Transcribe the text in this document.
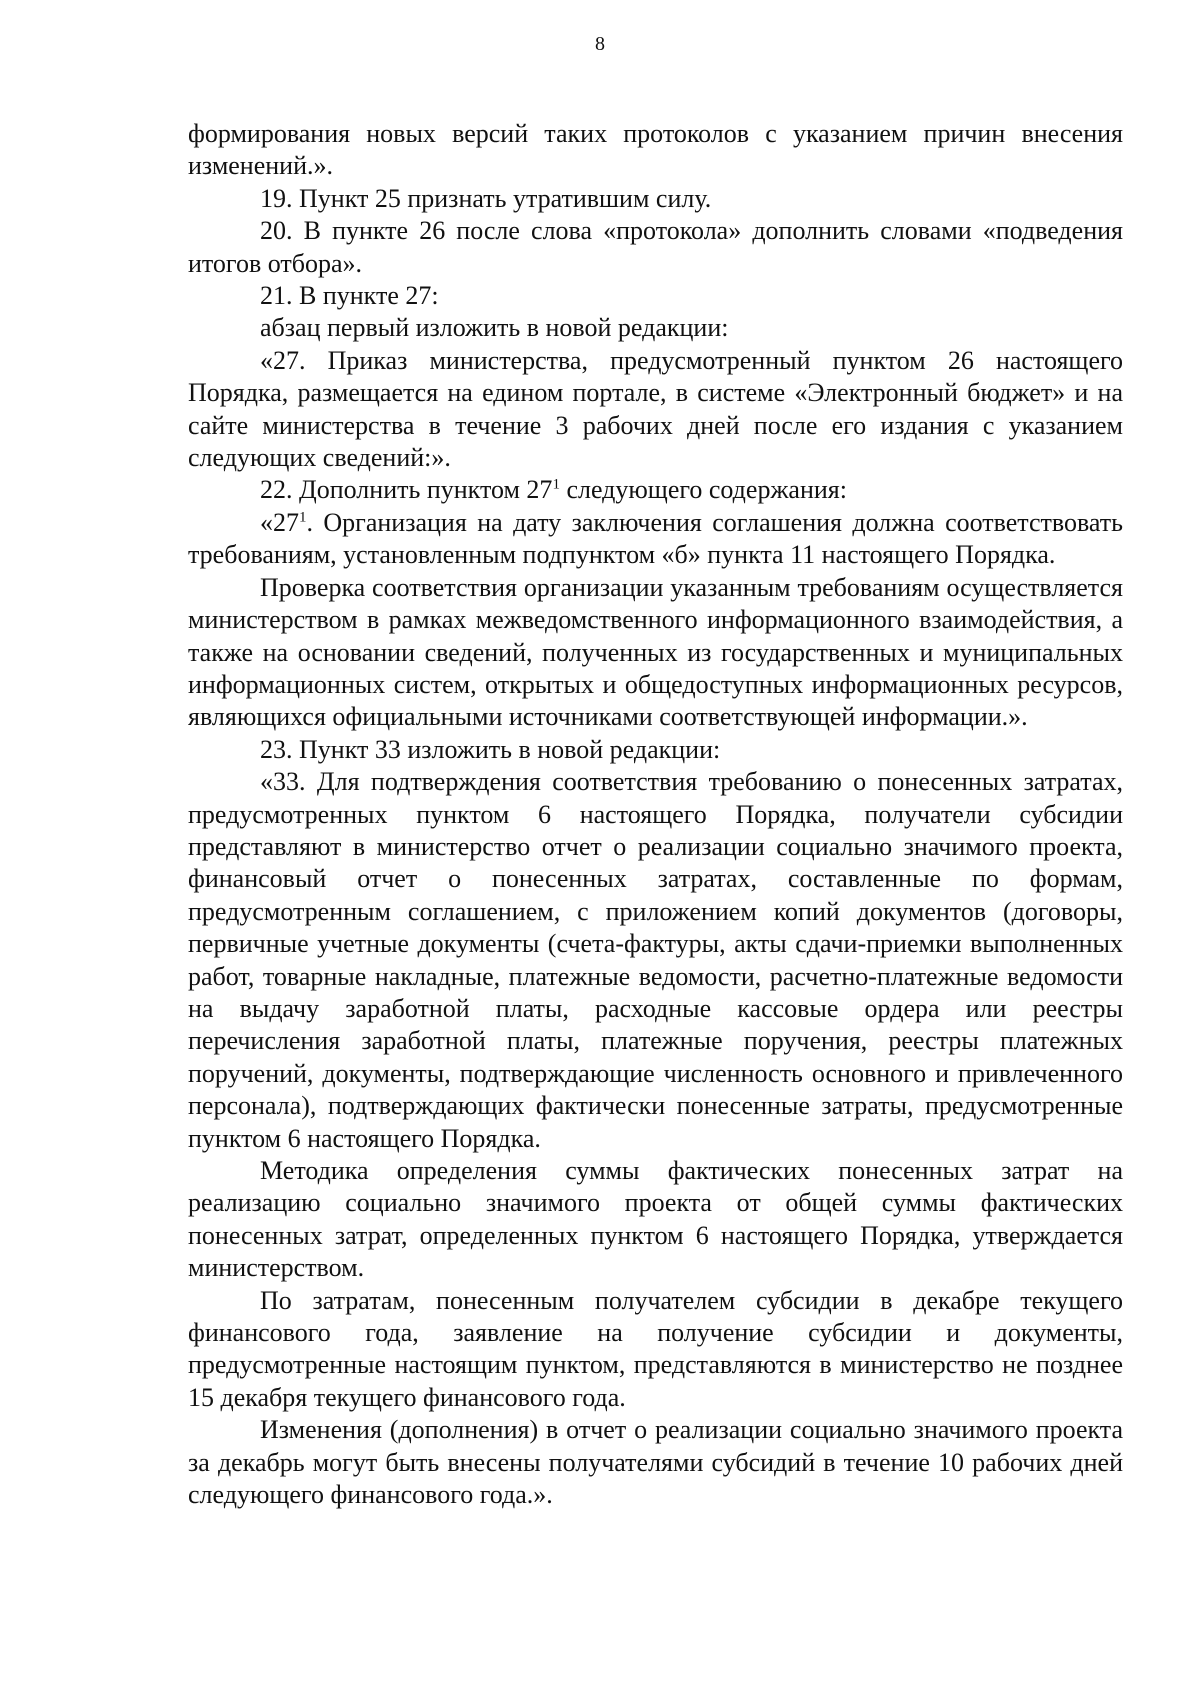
8

формирования новых версий таких протоколов с указанием причин внесения изменений.».

19. Пункт 25 признать утратившим силу.

20. В пункте 26 после слова «протокола» дополнить словами «подведения итогов отбора».

21. В пункте 27:

абзац первый изложить в новой редакции:

«27. Приказ министерства, предусмотренный пунктом 26 настоящего Порядка, размещается на едином портале, в системе «Электронный бюджет» и на сайте министерства в течение 3 рабочих дней после его издания с указанием следующих сведений:».

22. Дополнить пунктом $27^1$ следующего содержания:

«$27^1$. Организация на дату заключения соглашения должна соответствовать требованиям, установленным подпунктом «б» пункта 11 настоящего Порядка.

Проверка соответствия организации указанным требованиям осуществляется министерством в рамках межведомственного информационного взаимодействия, а также на основании сведений, полученных из государственных и муниципальных информационных систем, открытых и общедоступных информационных ресурсов, являющихся официальными источниками соответствующей информации.».

23. Пункт 33 изложить в новой редакции:

«33. Для подтверждения соответствия требованию о понесенных затратах, предусмотренных пунктом 6 настоящего Порядка, получатели субсидии представляют в министерство отчет о реализации социально значимого проекта, финансовый отчет о понесенных затратах, составленные по формам, предусмотренным соглашением, с приложением копий документов (договоры, первичные учетные документы (счета-фактуры, акты сдачи-приемки выполненных работ, товарные накладные, платежные ведомости, расчетно-платежные ведомости на выдачу заработной платы, расходные кассовые ордера или реестры перечисления заработной платы, платежные поручения, реестры платежных поручений, документы, подтверждающие численность основного и привлеченного персонала), подтверждающих фактически понесенные затраты, предусмотренные пунктом 6 настоящего Порядка.

Методика определения суммы фактических понесенных затрат на реализацию социально значимого проекта от общей суммы фактических понесенных затрат, определенных пунктом 6 настоящего Порядка, утверждается министерством.

По затратам, понесенным получателем субсидии в декабре текущего финансового года, заявление на получение субсидии и документы, предусмотренные настоящим пунктом, представляются в министерство не позднее 15 декабря текущего финансового года.

Изменения (дополнения) в отчет о реализации социально значимого проекта за декабрь могут быть внесены получателями субсидий в течение 10 рабочих дней следующего финансового года.».
